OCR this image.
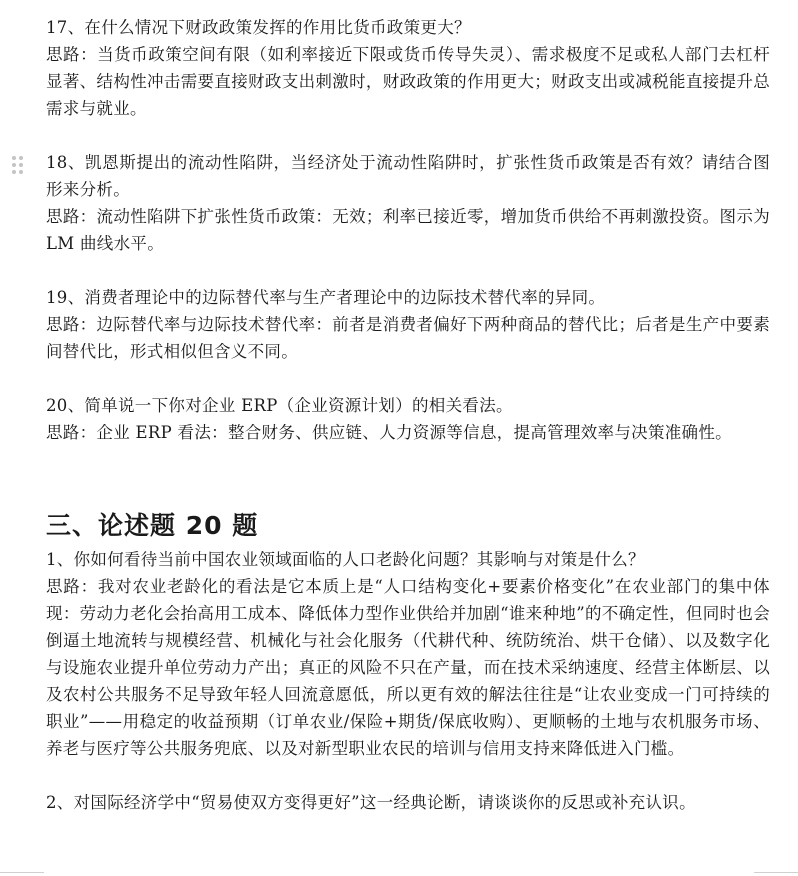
17、在什么情况下财政政策发挥的作用比货币政策更大？

思路：当货币政策空间有限（如利率接近下限或货币传导失灵）、需求极度不足或私人部门去杠杆显著、结构性冲击需要直接财政支出刺激时，财政政策的作用更大；财政支出或减税能直接提升总需求与就业。

18、凯恩斯提出的流动性陷阱，当经济处于流动性陷阱时，扩张性货币政策是否有效？请结合图形来分析。

思路：流动性陷阱下扩张性货币政策：无效；利率已接近零，增加货币供给不再刺激投资。图示为 LM 曲线水平。

19、消费者理论中的边际替代率与生产者理论中的边际技术替代率的异同。

思路：边际替代率与边际技术替代率：前者是消费者偏好下两种商品的替代比；后者是生产中要素间替代比，形式相似但含义不同。

20、简单说一下你对企业 ERP（企业资源计划）的相关看法。

思路：企业 ERP 看法：整合财务、供应链、人力资源等信息，提高管理效率与决策准确性。

三、论述题 20 题

1、你如何看待当前中国农业领域面临的人口老龄化问题？其影响与对策是什么？

思路：我对农业老龄化的看法是它本质上是“人口结构变化+要素价格变化”在农业部门的集中体现：劳动力老化会抬高用工成本、降低体力型作业供给并加剧“谁来种地”的不确定性，但同时也会倒逼土地流转与规模经营、机械化与社会化服务（代耕代种、统防统治、烘干仓储）、以及数字化与设施农业提升单位劳动力产出；真正的风险不只在产量，而在技术采纳速度、经营主体断层、以及农村公共服务不足导致年轻人回流意愿低，所以更有效的解法往往是“让农业变成一门可持续的职业”——用稳定的收益预期（订单农业/保险+期货/保底收购）、更顺畅的土地与农机服务市场、养老与医疗等公共服务兜底、以及对新型职业农民的培训与信用支持来降低进入门槛。

2、对国际经济学中“贸易使双方变得更好”这一经典论断，请谈谈你的反思或补充认识。
